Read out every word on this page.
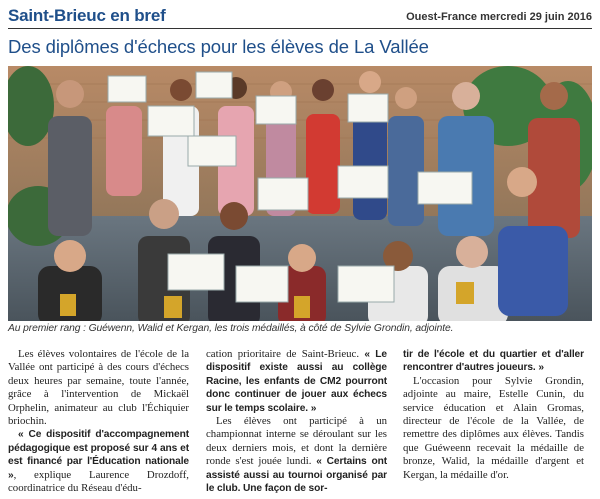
Saint-Brieuc en bref	Ouest-France mercredi 29 juin 2016
Des diplômes d'échecs pour les élèves de La Vallée
Au premier rang : Guéwenn, Walid et Kergan, les trois médaillés, à côté de Sylvie Grondin, adjointe.

Les élèves volontaires de l'école de la Vallée ont participé à des cours d'échecs deux heures par semaine, toute l'année, grâce à l'intervention de Mickaël Orphelin, animateur au club l'Échiquier briochin.

« Ce dispositif d'accompagnement pédagogique est proposé sur 4 ans et est financé par l'Éducation nationale », explique Laurence Drozdoff, coordinatrice du Réseau d'édu-

cation prioritaire de Saint-Brieuc. « Le dispositif existe aussi au collège Racine, les enfants de CM2 pourront donc continuer de jouer aux échecs sur le temps scolaire. »

Les élèves ont participé à un championnat interne se déroulant sur les deux derniers mois, et dont la dernière ronde s'est jouée lundi. « Certains ont assisté aussi au tournoi organisé par le club. Une façon de sor-

tir de l'école et du quartier et d'aller rencontrer d'autres joueurs. »

L'occasion pour Sylvie Grondin, adjointe au maire, Estelle Cunin, du service éducation et Alain Gromas, directeur de l'école de la Vallée, de remettre des diplômes aux élèves. Tandis que Guéweenn recevait la médaille de bronze, Walid, la médaille d'argent et Kergan, la médaille d'or.
